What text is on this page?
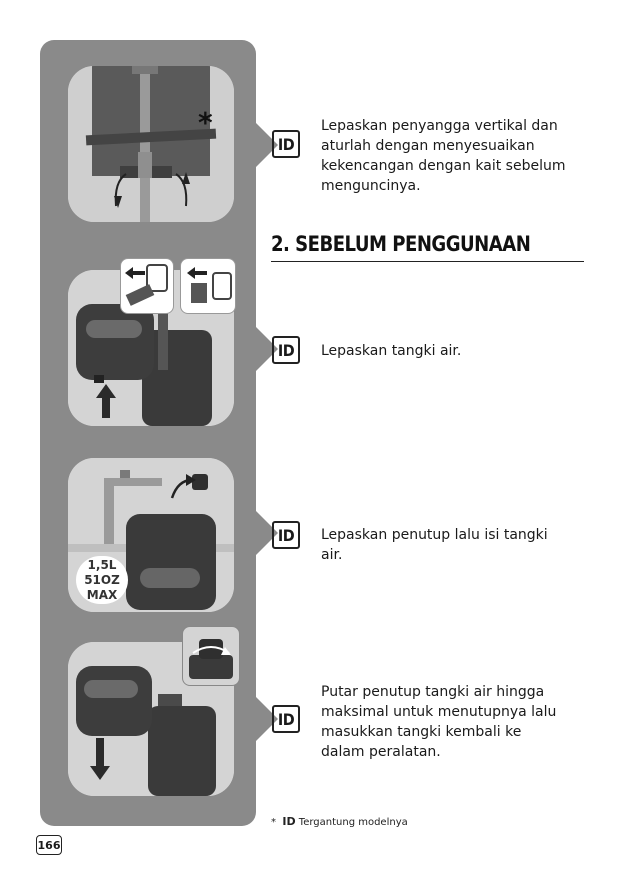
*
1,5L
51OZ
MAX
ID
Lepaskan penyangga vertikal dan aturlah dengan menyesuaikan kekencangan dengan kait sebelum menguncinya.
2. SEBELUM PENGGUNAAN
ID	Lepaskan tangki air.
ID	Lepaskan penutup lalu isi tangki air.
ID
Putar penutup tangki air hingga maksimal untuk menutupnya lalu masukkan tangki kembali ke dalam peralatan.
* ID Tergantung modelnya
166
